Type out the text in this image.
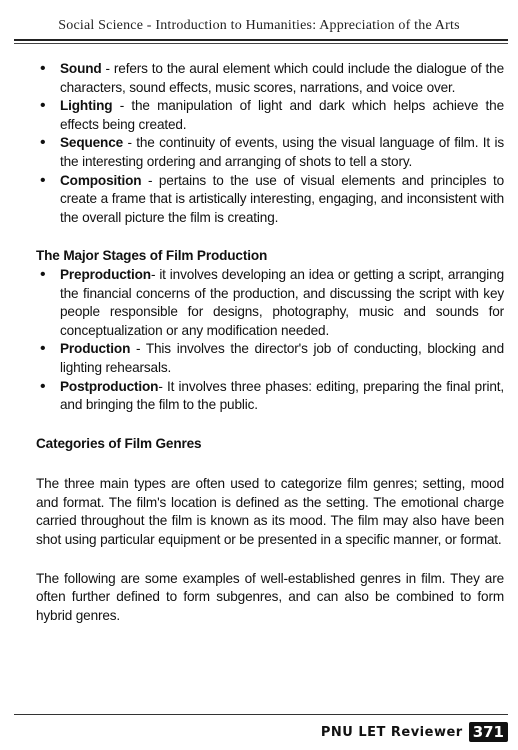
Social Science - Introduction to Humanities: Appreciation of the Arts
• Sound - refers to the aural element which could include the dialogue of the characters, sound effects, music scores, narrations, and voice over.
• Lighting - the manipulation of light and dark which helps achieve the effects being created.
• Sequence - the continuity of events, using the visual language of film. It is the interesting ordering and arranging of shots to tell a story.
• Composition - pertains to the use of visual elements and principles to create a frame that is artistically interesting, engaging, and inconsistent with the overall picture the film is creating.

The Major Stages of Film Production

• Preproduction- it involves developing an idea or getting a script, arranging the financial concerns of the production, and discussing the script with key people responsible for designs, photography, music and sounds for conceptualization or any modification needed.
• Production - This involves the director's job of conducting, blocking and lighting rehearsals.
• Postproduction- It involves three phases: editing, preparing the final print, and bringing the film to the public.

Categories of Film Genres

The three main types are often used to categorize film genres; setting, mood and format. The film's location is defined as the setting. The emotional charge carried throughout the film is known as its mood. The film may also have been shot using particular equipment or be presented in a specific manner, or format.

The following are some examples of well-established genres in film. They are often further defined to form subgenres, and can also be combined to form hybrid genres.

PNU LET Reviewer 371
